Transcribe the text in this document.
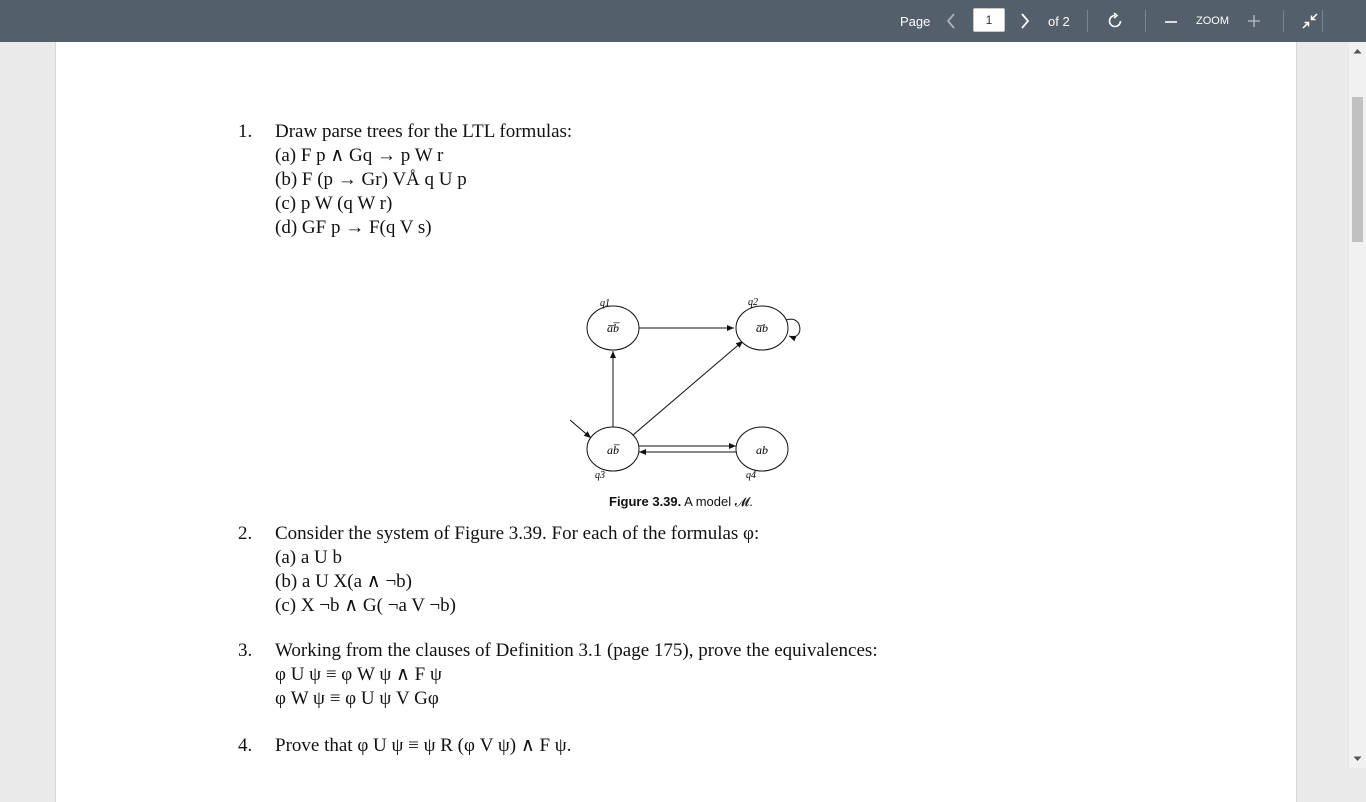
Page	1	of 2	ZOOM
1. Draw parse trees for the LTL formulas:
(a) F p ∧ Gq → p W r
(b) F (p → Gr) VÅ q U p
(c) p W (q W r)
(d) GF p → F(q V s)
a̅b̅	a̅b
ab̅	ab
q1	q2
q3	q4
Figure 3.39. A model 𝓜.
2. Consider the system of Figure 3.39. For each of the formulas φ:
(a) a U b
(b) a U X(a ∧ ¬b)
(c) X ¬b ∧ G( ¬a V ¬b)
3. Working from the clauses of Definition 3.1 (page 175), prove the equivalences:
φ U ψ ≡ φ W ψ ∧ F ψ
φ W ψ ≡ φ U ψ V Gφ
4. Prove that φ U ψ ≡ ψ R (φ V ψ) ∧ F ψ.
